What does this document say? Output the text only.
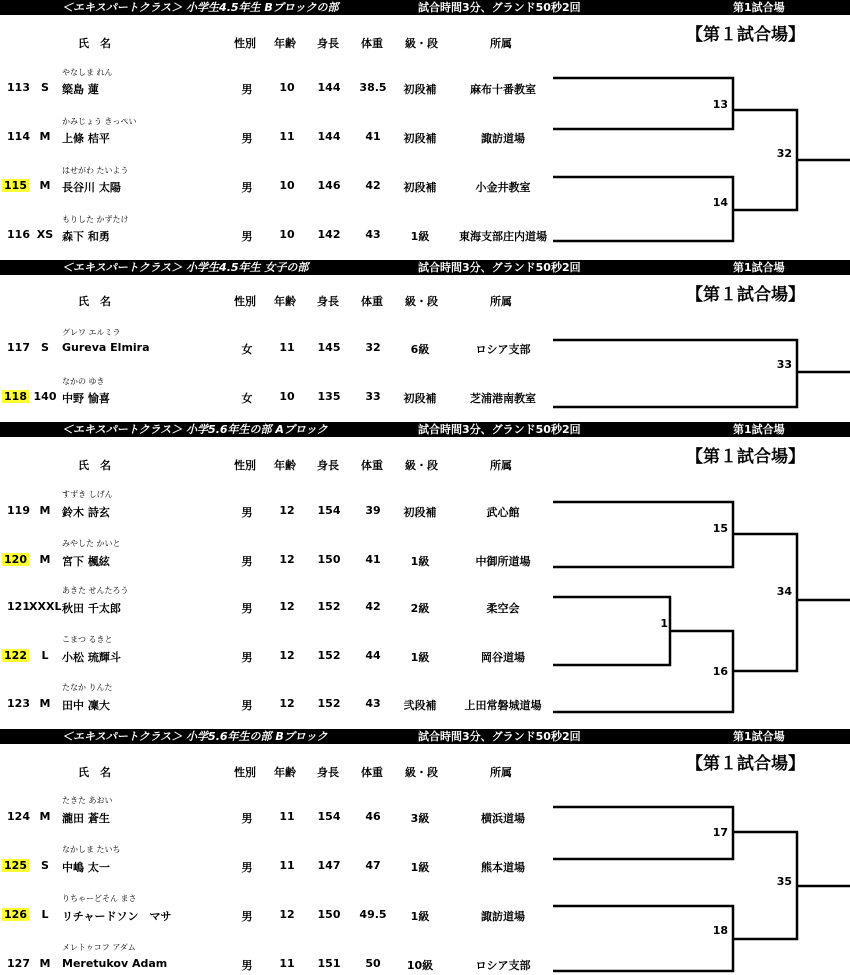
＜エキスパートクラス＞ 小学生4.5年生 Bブロックの部	試合時間3分、グランド50秒2回	第1試合場
【第１試合場】
氏　名	性別 年齢 身長 体重 級・段	所属
やなしま れん
113	S	簗島 蓮	男	10	144	38.5	初段補	麻布十番教室
かみじょう きっぺい
114 M	上條 桔平	男	11	144	41	初段補	諏訪道場
はせがわ たいよう
115	M	長谷川 太陽	男	10	146	42	初段補	小金井教室
もりした かずたけ
116 XS 森下 和勇	男	10	142	43	1級	東海支部庄内道場
13
14
32
＜エキスパートクラス＞ 小学生4.5年生 女子の部	試合時間3分、グランド50秒2回	第1試合場
【第１試合場】
氏　名	性別 年齢 身長 体重 級・段	所属
グレワ エルミラ
117	S	Gureva Elmira	女	11	145	32	6級	ロシア支部
なかの ゆき
118 140 中野 愉喜	女	10	135	33	初段補	芝浦港南教室
33
＜エキスパートクラス＞ 小学5.6年生の部 Aブロック	試合時間3分、グランド50秒2回	第1試合場
【第１試合場】
氏　名	性別 年齢 身長 体重 級・段	所属
すずき しげん
119 M	鈴木 詩玄	男	12	154	39	初段補	武心館
みやした かいと
120	M	宮下 楓絃	男	12	150	41	1級	中御所道場
あきた せんたろう
121 XXXL 秋田 千太郎	男	12	152	42	2級	柔空会
こまつ るきと
122	L	小松 琉輝斗	男	12	152	44	1級	岡谷道場
たなか りんた
123 M	田中 凜大	男	12	152	43	弐段補	上田常磐城道場
15
1
16
34
＜エキスパートクラス＞ 小学5.6年生の部 Bブロック	試合時間3分、グランド50秒2回	第1試合場
【第１試合場】
氏　名	性別 年齢 身長 体重 級・段	所属
たきた あおい
124 M	瀧田 蒼生	男	11	154	46	3級	横浜道場
なかしま たいち
125	S	中嶋 太一	男	11	147	47	1級	熊本道場
りちゃーどそん まさ
126	L	リチャードソン　マサ	男	12	150	49.5	1級	諏訪道場
メレトゥコフ アダム
127 M	Meretukov Adam	男	11	151	50	10級	ロシア支部
17
18
35
